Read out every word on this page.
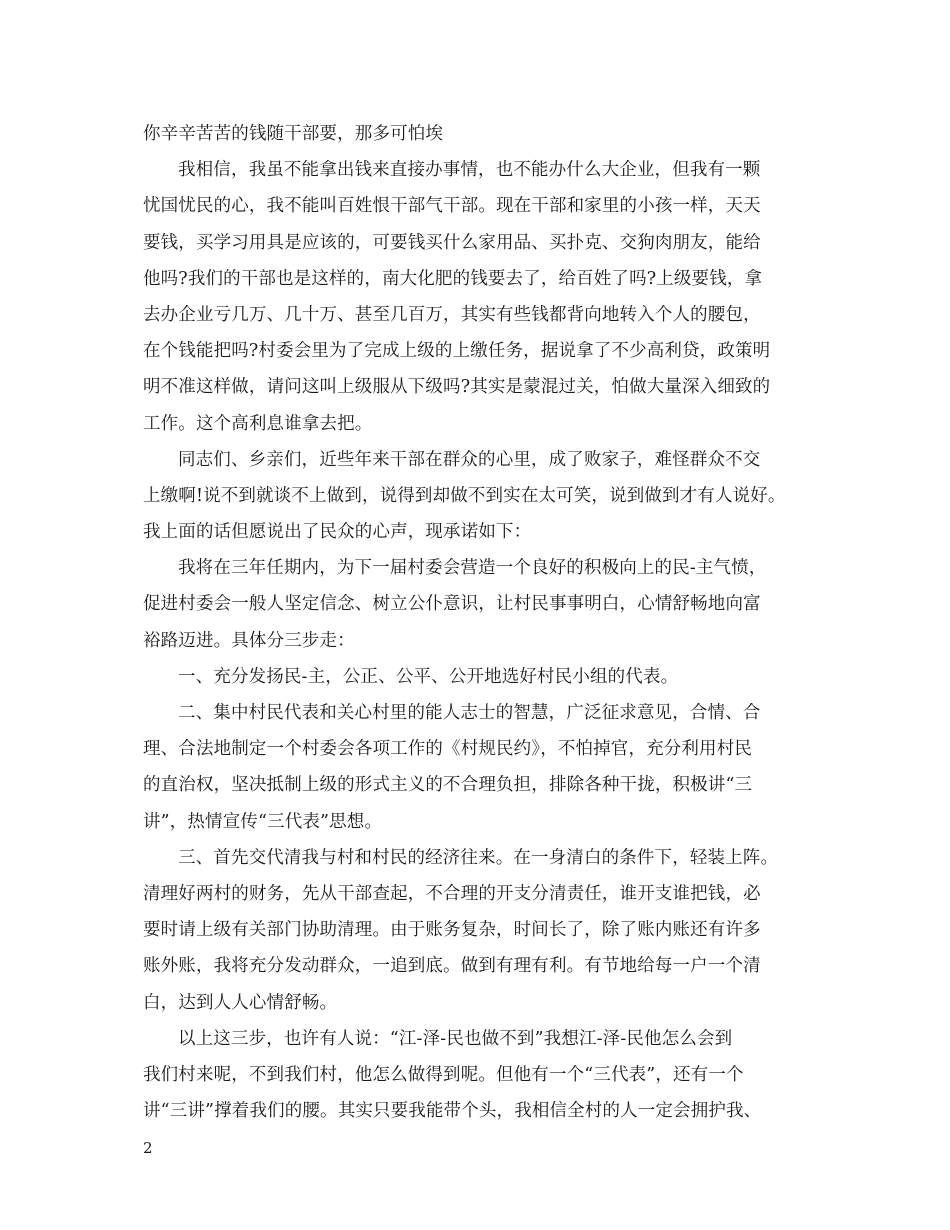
你辛辛苦苦的钱随干部要，那多可怕埃
我相信，我虽不能拿出钱来直接办事情，也不能办什么大企业，但我有一颗
忧国忧民的心，我不能叫百姓恨干部气干部。现在干部和家里的小孩一样，天天
要钱，买学习用具是应该的，可要钱买什么家用品、买扑克、交狗肉朋友，能给
他吗?我们的干部也是这样的，南大化肥的钱要去了，给百姓了吗?上级要钱，拿
去办企业亏几万、几十万、甚至几百万，其实有些钱都背向地转入个人的腰包，
在个钱能把吗?村委会里为了完成上级的上缴任务，据说拿了不少高利贷，政策明
明不准这样做，请问这叫上级服从下级吗?其实是蒙混过关，怕做大量深入细致的
工作。这个高利息谁拿去把。
同志们、乡亲们，近些年来干部在群众的心里，成了败家子，难怪群众不交
上缴啊!说不到就谈不上做到，说得到却做不到实在太可笑，说到做到才有人说好。
我上面的话但愿说出了民众的心声，现承诺如下：
我将在三年任期内，为下一届村委会营造一个良好的积极向上的民-主气愤，
促进村委会一般人坚定信念、树立公仆意识，让村民事事明白，心情舒畅地向富
裕路迈进。具体分三步走：
一、充分发扬民-主，公正、公平、公开地选好村民小组的代表。
二、集中村民代表和关心村里的能人志士的智慧，广泛征求意见，合情、合
理、合法地制定一个村委会各项工作的《村规民约》，不怕掉官，充分利用村民
的直治权，坚决抵制上级的形式主义的不合理负担，排除各种干拢，积极讲“三
讲”，热情宣传“三代表”思想。
三、首先交代清我与村和村民的经济往来。在一身清白的条件下，轻装上阵。
清理好两村的财务，先从干部查起，不合理的开支分清责任，谁开支谁把钱，必
要时请上级有关部门协助清理。由于账务复杂，时间长了，除了账内账还有许多
账外账，我将充分发动群众，一追到底。做到有理有利。有节地给每一户一个清
白，达到人人心情舒畅。
以上这三步，也许有人说：“江-泽-民也做不到”我想江-泽-民他怎么会到
我们村来呢，不到我们村，他怎么做得到呢。但他有一个“三代表”，还有一个
讲“三讲”撑着我们的腰。其实只要我能带个头，我相信全村的人一定会拥护我、
2
